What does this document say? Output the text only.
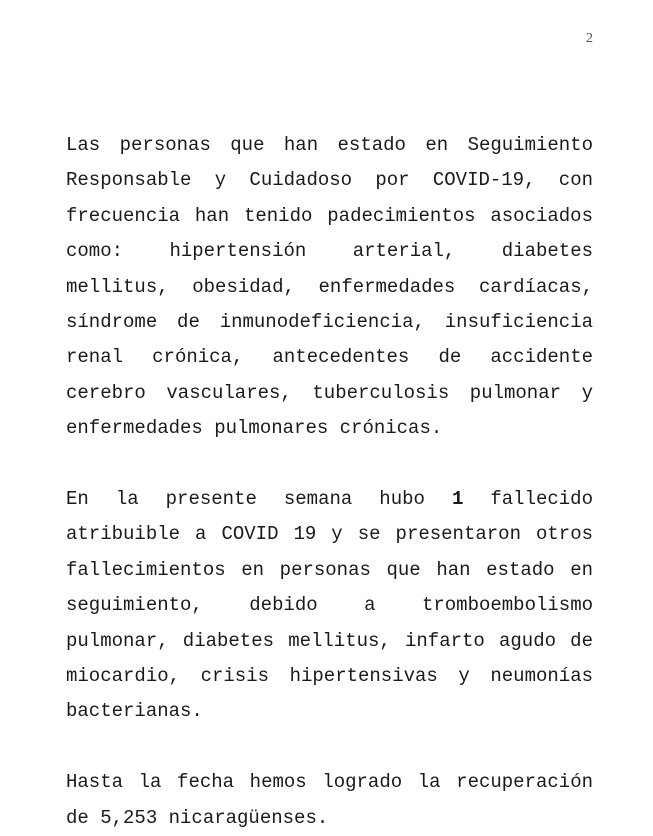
2

Las personas que han estado en Seguimiento Responsable y Cuidadoso por COVID-19, con frecuencia han tenido padecimientos asociados como: hipertensión arterial, diabetes mellitus, obesidad, enfermedades cardíacas, síndrome de inmunodeficiencia, insuficiencia renal crónica, antecedentes de accidente cerebro vasculares, tuberculosis pulmonar y enfermedades pulmonares crónicas.

En la presente semana hubo 1 fallecido atribuible a COVID 19 y se presentaron otros fallecimientos en personas que han estado en seguimiento, debido a tromboembolismo pulmonar, diabetes mellitus, infarto agudo de miocardio, crisis hipertensivas y neumonías bacterianas.

Hasta la fecha hemos logrado la recuperación de 5,253 nicaragüenses.
